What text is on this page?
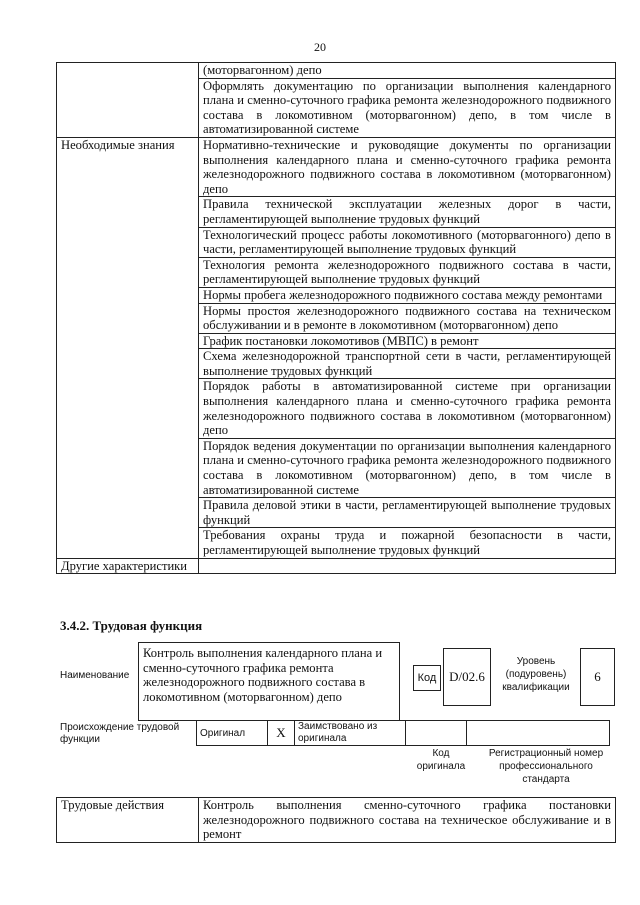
20
	(моторвагонном) депо
	Оформлять документацию по организации выполнения календарного плана и сменно-суточного графика ремонта железнодорожного подвижного состава в локомотивном (моторвагонном) депо, в том числе в автоматизированной системе
Необходимые знания	Нормативно-технические и руководящие документы по организации выполнения календарного плана и сменно-суточного графика ремонта железнодорожного подвижного состава в локомотивном (моторвагонном) депо
	Правила технической эксплуатации железных дорог в части, регламентирующей выполнение трудовых функций
	Технологический процесс работы локомотивного (моторвагонного) депо в части, регламентирующей выполнение трудовых функций
	Технология ремонта железнодорожного подвижного состава в части, регламентирующей выполнение трудовых функций
	Нормы пробега железнодорожного подвижного состава между ремонтами
	Нормы простоя железнодорожного подвижного состава на техническом обслуживании и в ремонте в локомотивном (моторвагонном) депо
	График постановки локомотивов (МВПС) в ремонт
	Схема железнодорожной транспортной сети в части, регламентирующей выполнение трудовых функций
	Порядок работы в автоматизированной системе при организации выполнения календарного плана и сменно-суточного графика ремонта железнодорожного подвижного состава в локомотивном (моторвагонном) депо
	Порядок ведения документации по организации выполнения календарного плана и сменно-суточного графика ремонта железнодорожного подвижного состава в локомотивном (моторвагонном) депо, в том числе в автоматизированной системе
	Правила деловой этики в части, регламентирующей выполнение трудовых функций
	Требования охраны труда и пожарной безопасности в части, регламентирующей выполнение трудовых функций
Другие характеристики	
3.4.2. Трудовая функция
Наименование
Контроль выполнения календарного плана и сменно-суточного графика ремонта железнодорожного подвижного состава в локомотивном (моторвагонном) депо
Код D/02.6
Уровень (подуровень) квалификации
6
Происхождение трудовой функции
Оригинал	X	Заимствовано из оригинала		
Код оригинала
Регистрационный номер профессионального стандарта
Трудовые действия	Контроль выполнения сменно-суточного графика постановки железнодорожного подвижного состава на техническое обслуживание и в ремонт
